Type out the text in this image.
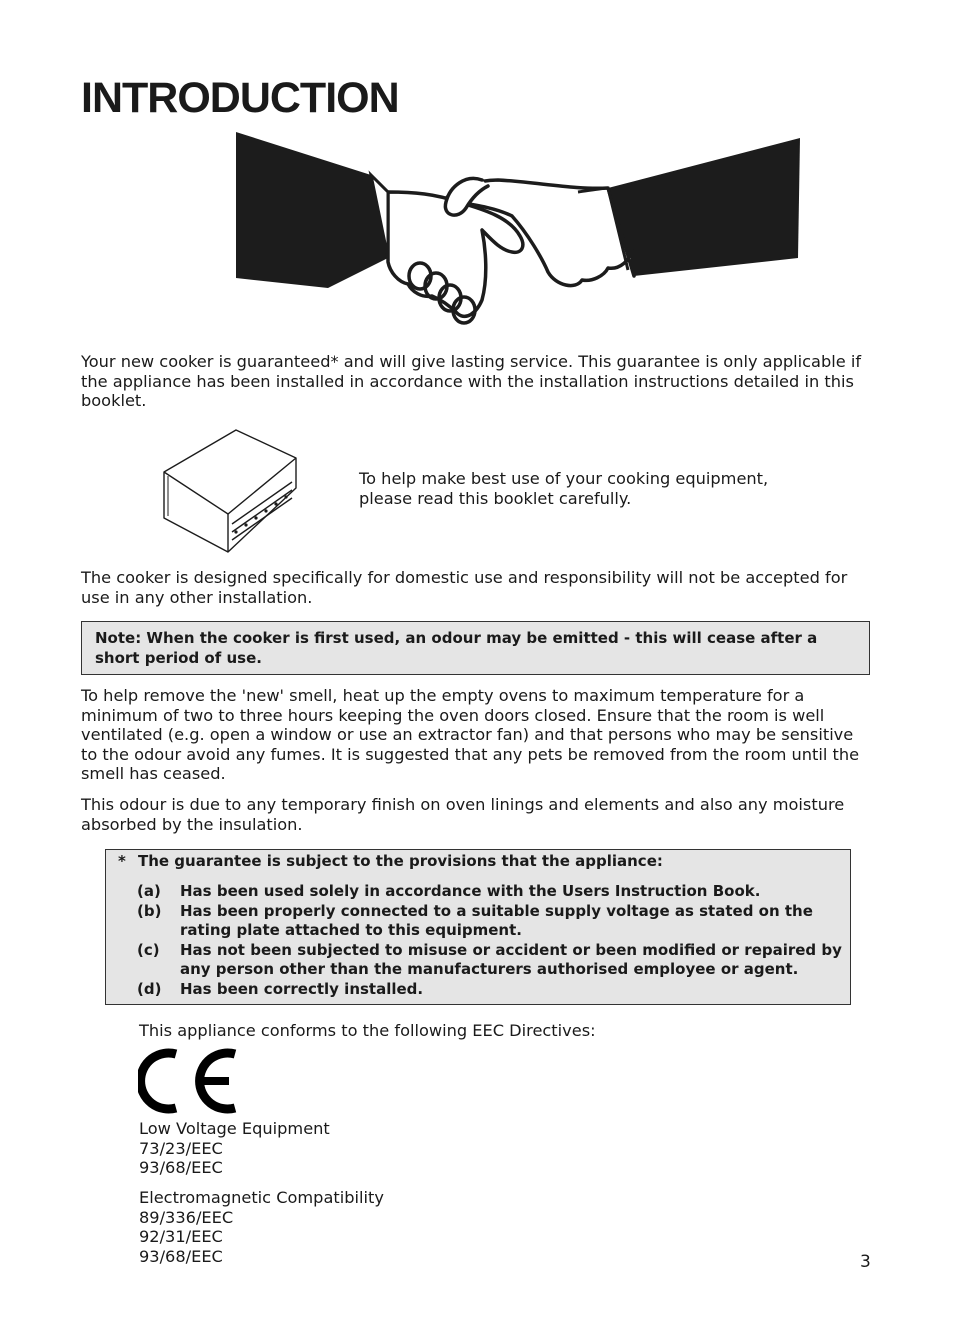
INTRODUCTION

Your new cooker is guaranteed* and will give lasting service. This guarantee is only applicable if the appliance has been installed in accordance with the installation instructions detailed in this booklet.

To help make best use of your cooking equipment,
please read this booklet carefully.

The cooker is designed specifically for domestic use and responsibility will not be accepted for use in any other installation.

Note: When the cooker is first used, an odour may be emitted - this will cease after a short period of use.

To help remove the 'new' smell, heat up the empty ovens to maximum temperature for a minimum of two to three hours keeping the oven doors closed. Ensure that the room is well ventilated (e.g. open a window or use an extractor fan) and that persons who may be sensitive to the odour avoid any fumes. It is suggested that any pets be removed from the room until the smell has ceased.

This odour is due to any temporary finish on oven linings and elements and also any moisture absorbed by the insulation.

* The guarantee is subject to the provisions that the appliance:
(a)	Has been used solely in accordance with the Users Instruction Book.
(b)	Has been properly connected to a suitable supply voltage as stated on the rating plate attached to this equipment.
(c)	Has not been subjected to misuse or accident or been modified or repaired by any person other than the manufacturers authorised employee or agent.
(d)	Has been correctly installed.
This appliance conforms to the following EEC Directives:
Low Voltage Equipment
73/23/EEC
93/68/EEC
Electromagnetic Compatibility
89/336/EEC
92/31/EEC
93/68/EEC	3
